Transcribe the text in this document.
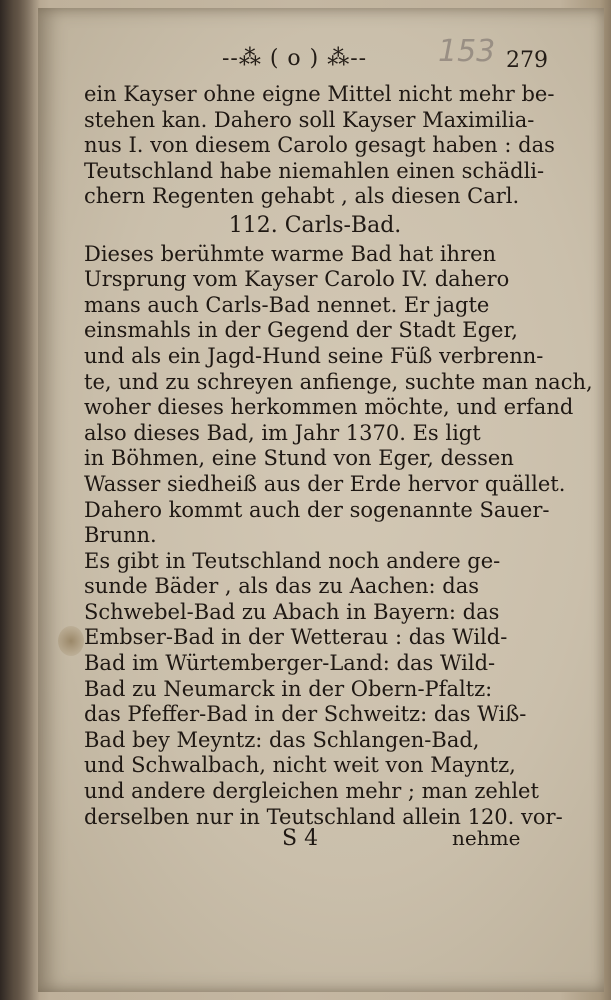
--⁂ ( o ) ⁂-- 153 279
ein Kayser ohne eigne Mittel nicht mehr be-
stehen kan. Dahero soll Kayser Maximilia-
nus I. von diesem Carolo gesagt haben : das
Teutschland habe niemahlen einen schädli-
chern Regenten gehabt , als diesen Carl.
112. Carls-Bad.
Dieses berühmte warme Bad hat ihren
Ursprung vom Kayser Carolo IV. dahero
mans auch Carls-Bad nennet. Er jagte
einsmahls in der Gegend der Stadt Eger,
und als ein Jagd-Hund seine Füß verbrenn-
te, und zu schreyen anfienge, suchte man nach,
woher dieses herkommen möchte, und erfand
also dieses Bad, im Jahr 1370. Es ligt
in Böhmen, eine Stund von Eger, dessen
Wasser siedheiß aus der Erde hervor quället.
Dahero kommt auch der sogenannte Sauer-
Brunn.
Es gibt in Teutschland noch andere ge-
sunde Bäder , als das zu Aachen: das
Schwebel-Bad zu Abach in Bayern: das
Embser-Bad in der Wetterau : das Wild-
Bad im Würtemberger-Land: das Wild-
Bad zu Neumarck in der Obern-Pfaltz:
das Pfeffer-Bad in der Schweitz: das Wiß-
Bad bey Meyntz: das Schlangen-Bad,
und Schwalbach, nicht weit von Mayntz,
und andere dergleichen mehr ; man zehlet
derselben nur in Teutschland allein 120. vor-
S 4	nehme
